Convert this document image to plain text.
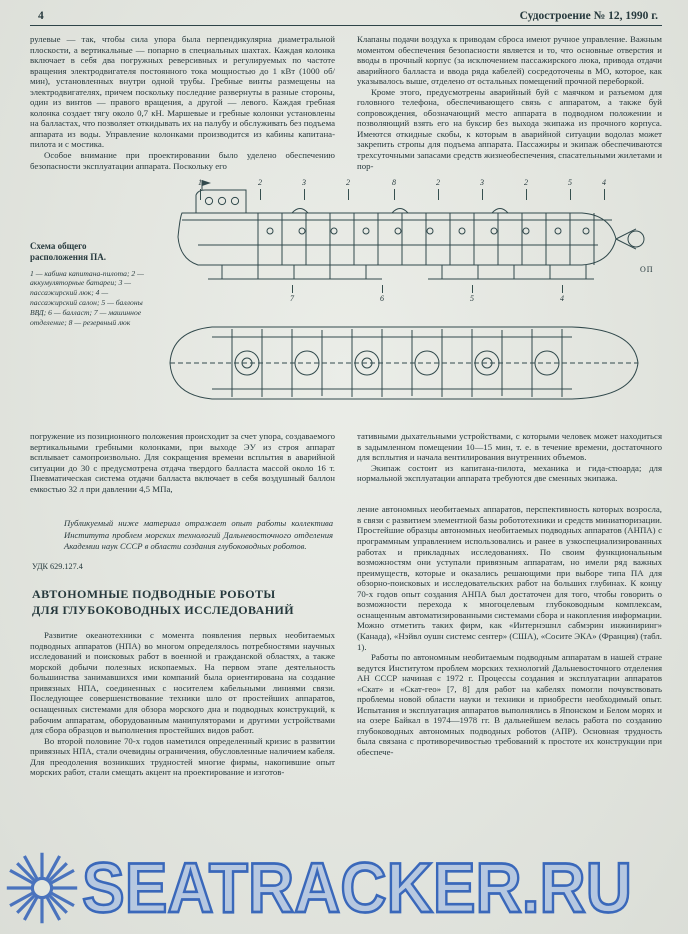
4	Судостроение № 12, 1990 г.

рулевые — так, чтобы сила упора была перпендикулярна диаметральной плоскости, а вертикальные — попарно в специальных шахтах. Каждая колонка включает в себя два погружных реверсивных и регулируемых по частоте вращения электродвигателя постоянного тока мощностью до 1 кВт (1000 об/мин), установленных внутри одной трубы. Гребные винты размещены на электродвигателях, причем поскольку последние развернуты в разные стороны, один из винтов — правого вращения, а другой — левого. Каждая гребная колонка создает тягу около 0,7 кН. Маршевые и гребные колонки установлены на балластах, что позволяет откидывать их на палубу и обслуживать без подъема аппарата из воды. Управление колонками производится из кабины капитана-пилота и с мостика.

Особое внимание при проектировании было уделено обеспечению безопасности эксплуатации аппарата. Поскольку его

Клапаны подачи воздуха к приводам сброса имеют ручное управление. Важным моментом обеспечения безопасности является и то, что основные отверстия и вводы в прочный корпус (за исключением пассажирского люка, привода отдачи аварийного балласта и ввода ряда кабелей) сосредоточены в МО, которое, как указывалось выше, отделено от остальных помещений прочной переборкой.

Кроме этого, предусмотрены аварийный буй с маячком и разъемом для головного телефона, обеспечивающего связь с аппаратом, а также буй сопровождения, обозначающий место аппарата в подводном положении и позволяющий взять его на буксир без выхода экипажа из прочного корпуса. Имеются откидные скобы, к которым в аварийной ситуации водолаз может закрепить стропы для подъема аппарата. Пассажиры и экипаж обеспечиваются трехсуточными запасами средств жизнеобеспечения, спасательными жилетами и пор-

Схема общего расположения ПА.
1 — кабина капитана-пилота; 2 — аккумуляторные батареи; 3 — пассажирский люк; 4 — пассажирский салон; 5 — баллоны ВВД; 6 — балласт; 7 — машинное отделение; 8 — резервный люк
1	2	3	2	8	2	3	2	5	4
7	6	5	4
ОП

погружение из позиционного положения происходит за счет упора, создаваемого вертикальными гребными колонками, при выходе ЭУ из строя аппарат всплывает самопроизвольно. Для сокращения времени всплытия в аварийной ситуации до 30 с предусмотрена отдача твердого балласта массой около 16 т. Пневматическая система отдачи балласта включает в себя воздушный баллон емкостью 32 л при давлении 4,5 МПа,

тативными дыхательными устройствами, с которыми человек может находиться в задымленном помещении 10—15 мин, т. е. в течение времени, достаточного для всплытия и начала вентилирования внутренних объемов.

Экипаж состоит из капитана-пилота, механика и гида-стюарда; для нормальной эксплуатации аппарата требуются две сменных экипажа.

Публикуемый ниже материал отражает опыт работы коллектива Института проблем морских технологий Дальневосточного отделения Академии наук СССР в области создания глубоководных роботов.
УДК 629.127.4
АВТОНОМНЫЕ ПОДВОДНЫЕ РОБОТЫ
ДЛЯ ГЛУБОКОВОДНЫХ ИССЛЕДОВАНИЙ

Развитие океанотехники с момента появления первых необитаемых подводных аппаратов (НПА) во многом определялось потребностями научных исследований и поисковых работ в военной и гражданской областях, а также морской добычи полезных ископаемых. На первом этапе деятельность большинства занимавшихся ими компаний была ориентирована на создание привязных НПА, соединенных с носителем кабельными линиями связи. Последующее совершенствование техники шло от простейших аппаратов, оснащенных системами для обзора морского дна и подводных конструкций, к рабочим аппаратам, оборудованным манипуляторами и другими устройствами для сбора образцов и выполнения простейших видов работ.

Во второй половине 70-х годов наметился определенный кризис в развитии привязных НПА, стали очевидны ограничения, обусловленные наличием кабеля. Для преодоления возникших трудностей многие фирмы, накопившие опыт морских работ, стали смещать акцент на проектирование и изготов-

ление автономных необитаемых аппаратов, перспективность которых возросла, в связи с развитием элементной базы робототехники и средств миниатюризации. Простейшие образцы автономных необитаемых подводных аппаратов (АНПА) с программным управлением использовались и ранее в узкоспециализированных работах и прикладных исследованиях. По своим функциональным возможностям они уступали привязным аппаратам, но имели ряд важных преимуществ, которые и оказались решающими при выборе типа ПА для обзорно-поисковых и исследовательских работ на больших глубинах. К концу 70-х годов опыт создания АНПА был достаточен для того, чтобы говорить о возможности перехода к многоцелевым глубоководным комплексам, оснащенным автоматизированными системами сбора и накопления информации. Можно отметить таких фирм, как «Интернэшнл сабмэрин инжиниринг» (Канада), «Нэйвл оушн системс сентер» (США), «Сосите ЭКА» (Франция) (табл. 1).

Работы по автономным необитаемым подводным аппаратам в нашей стране ведутся Институтом проблем морских технологий Дальневосточного отделения АН СССР начиная с 1972 г. Процессы создания и эксплуатации аппаратов «Скат» и «Скат-гео» [7, 8] для работ на кабелях помогли почувствовать проблемы новой области науки и техники и приобрести необходимый опыт. Испытания и эксплуатация аппаратов выполнялись в Японском и Белом морях и на озере Байкал в 1974—1978 гг. В дальнейшем велась работа по созданию глубоководных автономных подводных роботов (АПР). Основная трудность была связана с противоречивостью требований к простоте их конструкции при обеспече-

SEATRACKER.RU
